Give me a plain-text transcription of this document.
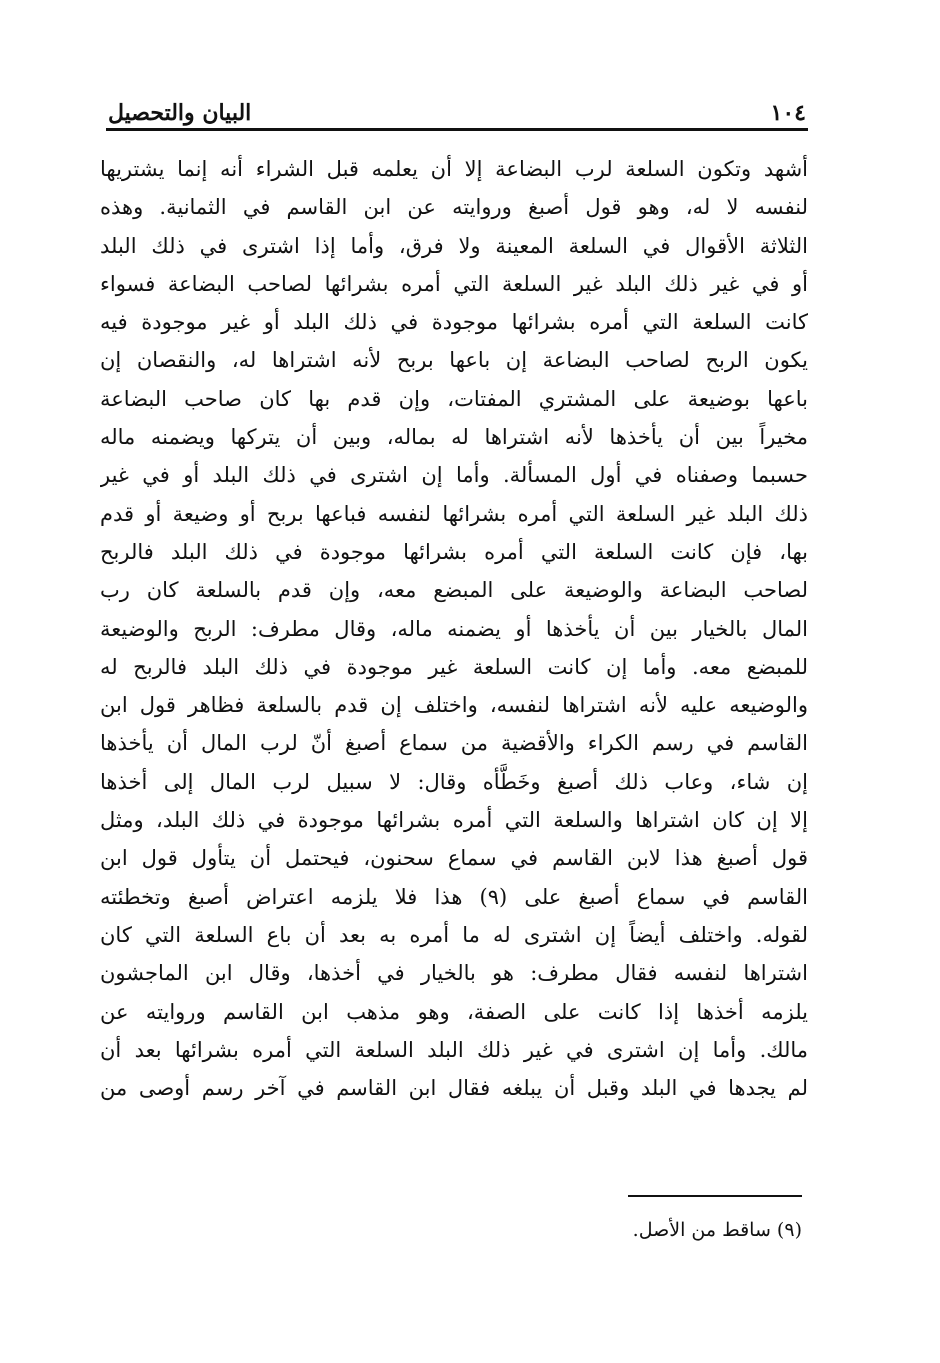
١٠٤
البيان والتحصيل
أشهد وتكون السلعة لرب البضاعة إلا أن يعلمه قبل الشراء أنه إنما يشتريها
لنفسه لا له، وهو قول أصبغ وروايته عن ابن القاسم في الثمانية. وهذه
الثلاثة الأقوال في السلعة المعينة ولا فرق، وأما إذا اشترى في ذلك البلد
أو في غير ذلك البلد غير السلعة التي أمره بشرائها لصاحب البضاعة فسواء
كانت السلعة التي أمره بشرائها موجودة في ذلك البلد أو غير موجودة فيه
يكون الربح لصاحب البضاعة إن باعها بربح لأنه اشتراها له، والنقصان إن
باعها بوضيعة على المشتري المفتات، وإن قدم بها كان صاحب البضاعة
مخيراً بين أن يأخذها لأنه اشتراها له بماله، وبين أن يتركها ويضمنه ماله
حسبما وصفناه في أول المسألة. وأما إن اشترى في ذلك البلد أو في غير
ذلك البلد غير السلعة التي أمره بشرائها لنفسه فباعها بربح أو وضيعة أو قدم
بها، فإن كانت السلعة التي أمره بشرائها موجودة في ذلك البلد فالربح
لصاحب البضاعة والوضيعة على المبضع معه، وإن قدم بالسلعة كان رب
المال بالخيار بين أن يأخذها أو يضمنه ماله، وقال مطرف: الربح والوضيعة
للمبضع معه. وأما إن كانت السلعة غير موجودة في ذلك البلد فالربح له
والوضيعه عليه لأنه اشتراها لنفسه، واختلف إن قدم بالسلعة فظاهر قول ابن
القاسم في رسم الكراء والأقضية من سماع أصبغ أنّ لرب المال أن يأخذها
إن شاء، وعاب ذلك أصبغ وخَطَّأه وقال: لا سبيل لرب المال إلى أخذها
إلا إن كان اشتراها والسلعة التي أمره بشرائها موجودة في ذلك البلد، ومثل
قول أصبغ هذا لابن القاسم في سماع سحنون، فيحتمل أن يتأول قول ابن
القاسم في سماع أصبغ على (٩) هذا فلا يلزمه اعتراض أصبغ وتخطئته
لقوله. واختلف أيضاً إن اشترى له ما أمره به بعد أن باع السلعة التي كان
اشتراها لنفسه فقال مطرف: هو بالخيار في أخذها، وقال ابن الماجشون
يلزمه أخذها إذا كانت على الصفة، وهو مذهب ابن القاسم وروايته عن
مالك. وأما إن اشترى في غير ذلك البلد السلعة التي أمره بشرائها بعد أن
لم يجدها في البلد وقبل أن يبلغه فقال ابن القاسم في آخر رسم أوصى من
(٩) ساقط من الأصل.
